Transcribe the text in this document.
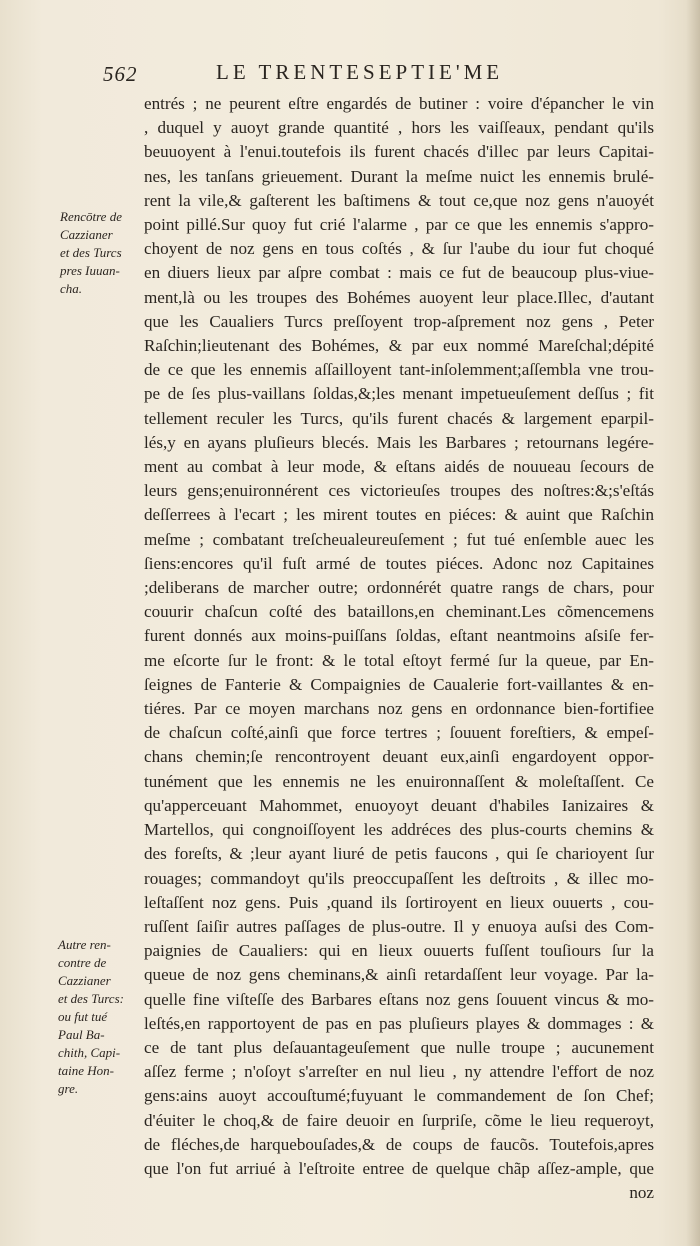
562	LE TRENTESEPTIE'ME
Rencōtre de
Cazzianer
et des Turcs
pres Iuuan-
cha.
Autre ren-
contre de
Cazzianer
et des Turcs:
ou fut tué
Paul Ba-
chith, Capi-
taine Hon-
gre.
entrés ; ne peurent eſtre engardés de butiner : voire d'épancher le vin
, duquel y auoyt grande quantité , hors les vaiſſeaux, pendant qu'ils
beuuoyent à l'enui.toutefois ils furent chacés d'illec par leurs Capitai-
nes, les tanſans grieuement. Durant la meſme nuict les ennemis brulé-
rent la vile,& gaſterent les baſtimens & tout ce,que noz gens n'auoyét
point pillé.Sur quoy fut crié l'alarme , par ce que les ennemis s'appro-
choyent de noz gens en tous coſtés , & ſur l'aube du iour fut choqué
en diuers lieux par aſpre combat : mais ce fut de beaucoup plus-viue-
ment,là ou les troupes des Bohémes auoyent leur place.Illec, d'autant
que les Caualiers Turcs preſſoyent trop-aſprement noz gens , Peter
Raſchin;lieutenant des Bohémes, & par eux nommé Mareſchal;dépité
de ce que les ennemis aſſailloyent tant-inſolemment;aſſembla vne trou-
pe de ſes plus-vaillans ſoldas,&;les menant impetueuſement deſſus ; fit
tellement reculer les Turcs, qu'ils furent chacés & largement eparpil-
lés,y en ayans pluſieurs blecés. Mais les Barbares ; retournans legére-
ment au combat à leur mode, & eſtans aidés de nouueau ſecours de
leurs gens;enuironnérent ces victorieuſes troupes des noſtres:&;s'eſtás
deſſerrees à l'ecart ; les mirent toutes en piéces: & auint que Raſchin
meſme ; combatant treſcheualeureuſement ; fut tué enſemble auec les
ſiens:encores qu'il fuſt armé de toutes piéces. Adonc noz Capitaines
;deliberans de marcher outre; ordonnérét quatre rangs de chars, pour
couurir chaſcun coſté des bataillons,en cheminant.Les cõmencemens
furent donnés aux moins-puiſſans ſoldas, eſtant neantmoins aſsiſe fer-
me eſcorte ſur le front: & le total eſtoyt fermé ſur la queue, par En-
ſeignes de Fanterie & Compaignies de Caualerie fort-vaillantes & en-
tiéres. Par ce moyen marchans noz gens en ordonnance bien-fortifiee
de chaſcun coſté,ainſi que force tertres ; ſouuent foreſtiers, & empeſ-
chans chemin;ſe rencontroyent deuant eux,ainſi engardoyent oppor-
tunément que les ennemis ne les enuironnaſſent & moleſtaſſent. Ce
qu'apperceuant Mahommet, enuoyoyt deuant d'habiles Ianizaires &
Martellos, qui congnoiſſoyent les addréces des plus-courts chemins &
des foreſts, & ;leur ayant liuré de petis faucons , qui ſe charioyent ſur
rouages; commandoyt qu'ils preoccupaſſent les deſtroits , & illec mo-
leſtaſſent noz gens. Puis ,quand ils ſortiroyent en lieux ouuerts , cou-
ruſſent ſaiſir autres paſſages de plus-outre. Il y enuoya auſsi des Com-
paignies de Caualiers: qui en lieux ouuerts fuſſent touſiours ſur la
queue de noz gens cheminans,& ainſi retardaſſent leur voyage. Par la-
quelle fine viſteſſe des Barbares eſtans noz gens ſouuent vincus & mo-
leſtés,en rapportoyent de pas en pas pluſieurs playes & dommages : &
ce de tant plus deſauantageuſement que nulle troupe ; aucunement
aſſez ferme ; n'oſoyt s'arreſter en nul lieu , ny attendre l'effort de noz
gens:ains auoyt accouſtumé;fuyuant le commandement de ſon Chef;
d'éuiter le choq,& de faire deuoir en ſurpriſe, cõme le lieu requeroyt,
de fléches,de harquebouſades,& de coups de faucõs. Toutefois,apres
que l'on fut arriué à l'eſtroite entree de quelque chãp aſſez-ample, que
noz
